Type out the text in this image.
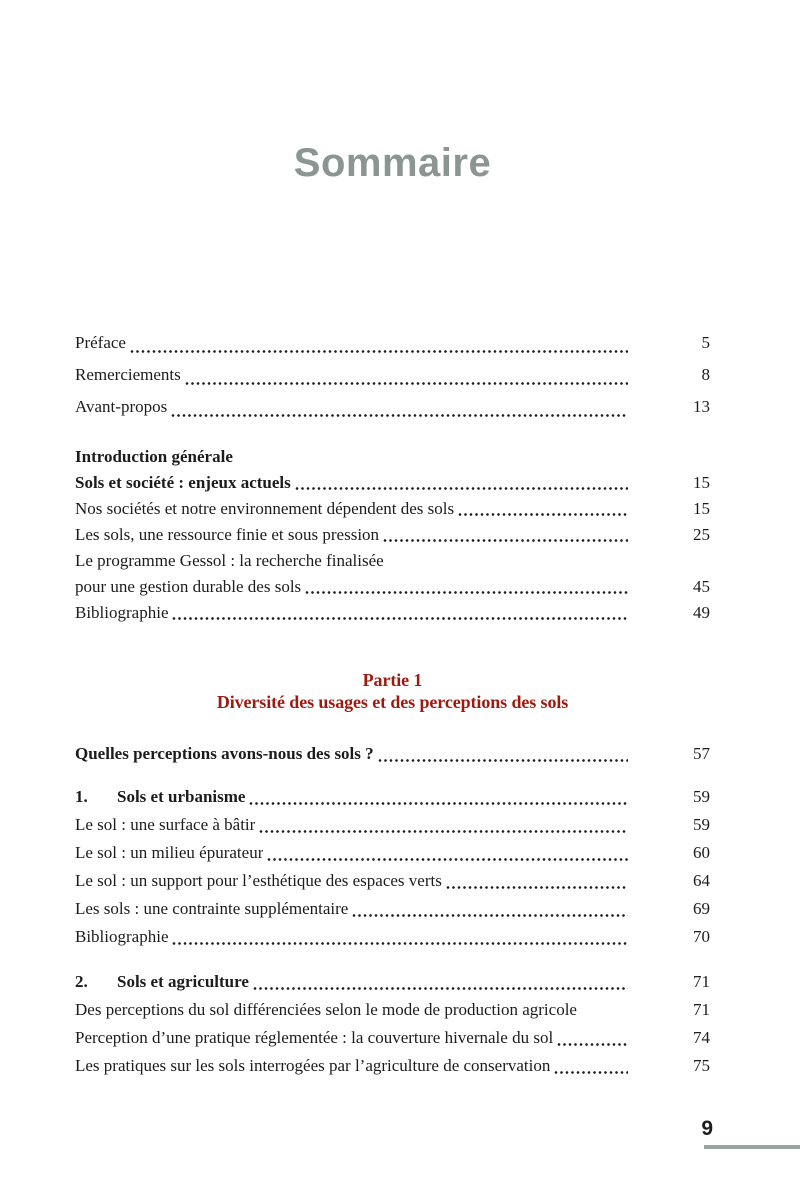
Sommaire
Préface	5
Remerciements	8
Avant-propos	13
Introduction générale
Sols et société : enjeux actuels	15
Nos sociétés et notre environnement dépendent des sols	15
Les sols, une ressource finie et sous pression	25
Le programme Gessol : la recherche finalisée
pour une gestion durable des sols	45
Bibliographie	49
Partie 1
Diversité des usages et des perceptions des sols
Quelles perceptions avons-nous des sols ?	57
1.	Sols et urbanisme	59
Le sol : une surface à bâtir	59
Le sol : un milieu épurateur	60
Le sol : un support pour l’esthétique des espaces verts	64
Les sols : une contrainte supplémentaire	69
Bibliographie	70
2.	Sols et agriculture	71
Des perceptions du sol différenciées selon le mode de production agricole	71
Perception d’une pratique réglementée : la couverture hivernale du sol	74
Les pratiques sur les sols interrogées par l’agriculture de conservation	75
9
